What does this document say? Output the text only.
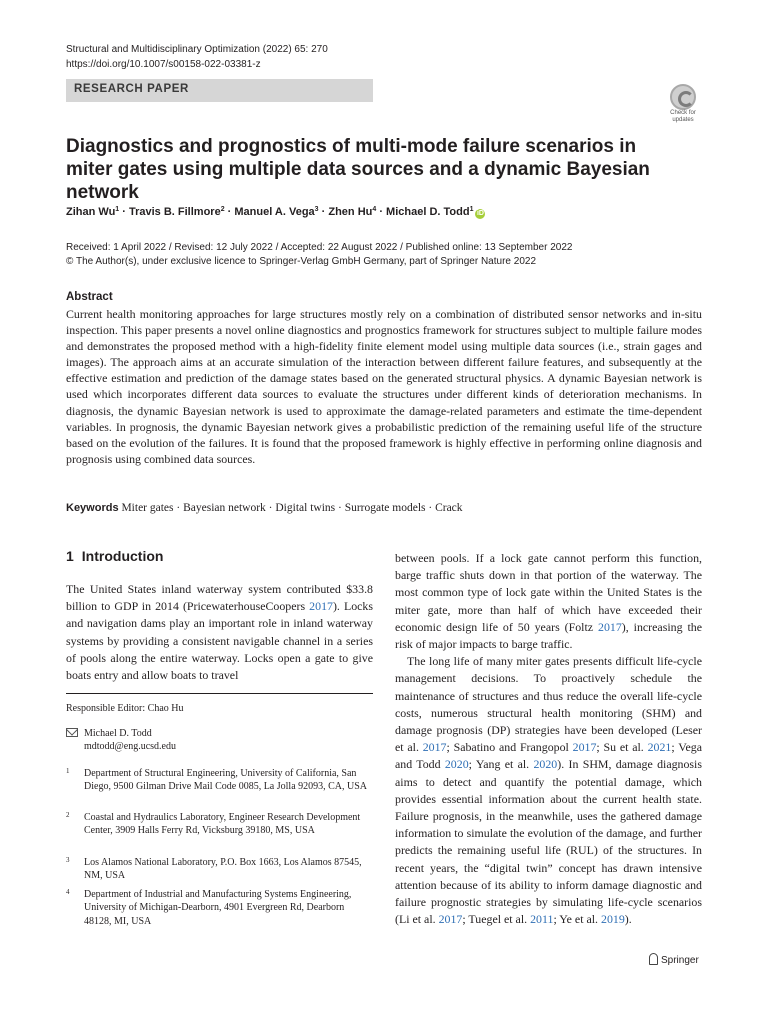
Structural and Multidisciplinary Optimization (2022) 65: 270
https://doi.org/10.1007/s00158-022-03381-z
RESEARCH PAPER
Check for updates
Diagnostics and prognostics of multi-mode failure scenarios in miter gates using multiple data sources and a dynamic Bayesian network
Zihan $Wu^1$ · Travis B. Fillmore$^2$ · Manuel A. Vega$^3$ · Zhen $Hu^4$ · Michael D. Todd$^1$iD
Received: 1 April 2022 / Revised: 12 July 2022 / Accepted: 22 August 2022 / Published online: 13 September 2022
© The Author(s), under exclusive licence to Springer-Verlag GmbH Germany, part of Springer Nature 2022
Abstract

Current health monitoring approaches for large structures mostly rely on a combination of distributed sensor networks and in-situ inspection. This paper presents a novel online diagnostics and prognostics framework for structures subject to multiple failure modes and demonstrates the proposed method with a high-fidelity finite element model using multiple data sources (i.e., strain gages and images). The approach aims at an accurate simulation of the interaction between different failure features, and subsequently at the effective estimation and prediction of the damage states based on the generated structural physics. A dynamic Bayesian network is used which incorporates different data sources to evaluate the structures under different kinds of deterioration mechanisms. In diagnosis, the dynamic Bayesian network is used to approximate the damage-related parameters and estimate the time-dependent variables. In prognosis, the dynamic Bayesian network gives a probabilistic prediction of the remaining useful life of the structure based on the evolution of the failures. It is found that the proposed framework is highly effective in performing online diagnosis and prognosis using combined data sources.

Keywords Miter gates · Bayesian network · Digital twins · Surrogate models · Crack
1 Introduction

The United States inland waterway system contributed $33.8 billion to GDP in 2014 (PricewaterhouseCoopers 2017). Locks and navigation dams play an important role in inland waterway systems by providing a consistent navigable channel in a series of pools along the entire waterway. Locks open a gate to give boats entry and allow boats to travel

Responsible Editor: Chao Hu
Michael D. Todd
mdtodd@eng.ucsd.edu
1 Department of Structural Engineering, University of California, San Diego, 9500 Gilman Drive Mail Code 0085, La Jolla 92093, CA, USA
2 Coastal and Hydraulics Laboratory, Engineer Research Development Center, 3909 Halls Ferry Rd, Vicksburg 39180, MS, USA
3 Los Alamos National Laboratory, P.O. Box 1663, Los Alamos 87545, NM, USA
4 Department of Industrial and Manufacturing Systems Engineering, University of Michigan-Dearborn, 4901 Evergreen Rd, Dearborn 48128, MI, USA

between pools. If a lock gate cannot perform this function, barge traffic shuts down in that portion of the waterway. The most common type of lock gate within the United States is the miter gate, more than half of which have exceeded their economic design life of 50 years (Foltz 2017), increasing the risk of major impacts to barge traffic.

The long life of many miter gates presents difficult life-cycle management decisions. To proactively schedule the maintenance of structures and thus reduce the overall life-cycle costs, numerous structural health monitoring (SHM) and damage prognosis (DP) strategies have been developed (Leser et al. 2017; Sabatino and Frangopol 2017; Su et al. 2021; Vega and Todd 2020; Yang et al. 2020). In SHM, damage diagnosis aims to detect and quantify the potential damage, which provides essential information about the current health state. Failure prognosis, in the meanwhile, uses the gathered damage information to simulate the evolution of the damage, and further predicts the remaining useful life (RUL) of the structures. In recent years, the “digital twin” concept has drawn intensive attention because of its ability to inform damage diagnostic and failure prognostic strategies by simulating life-cycle scenarios (Li et al. 2017; Tuegel et al. 2011; Ye et al. 2019).

Springer
